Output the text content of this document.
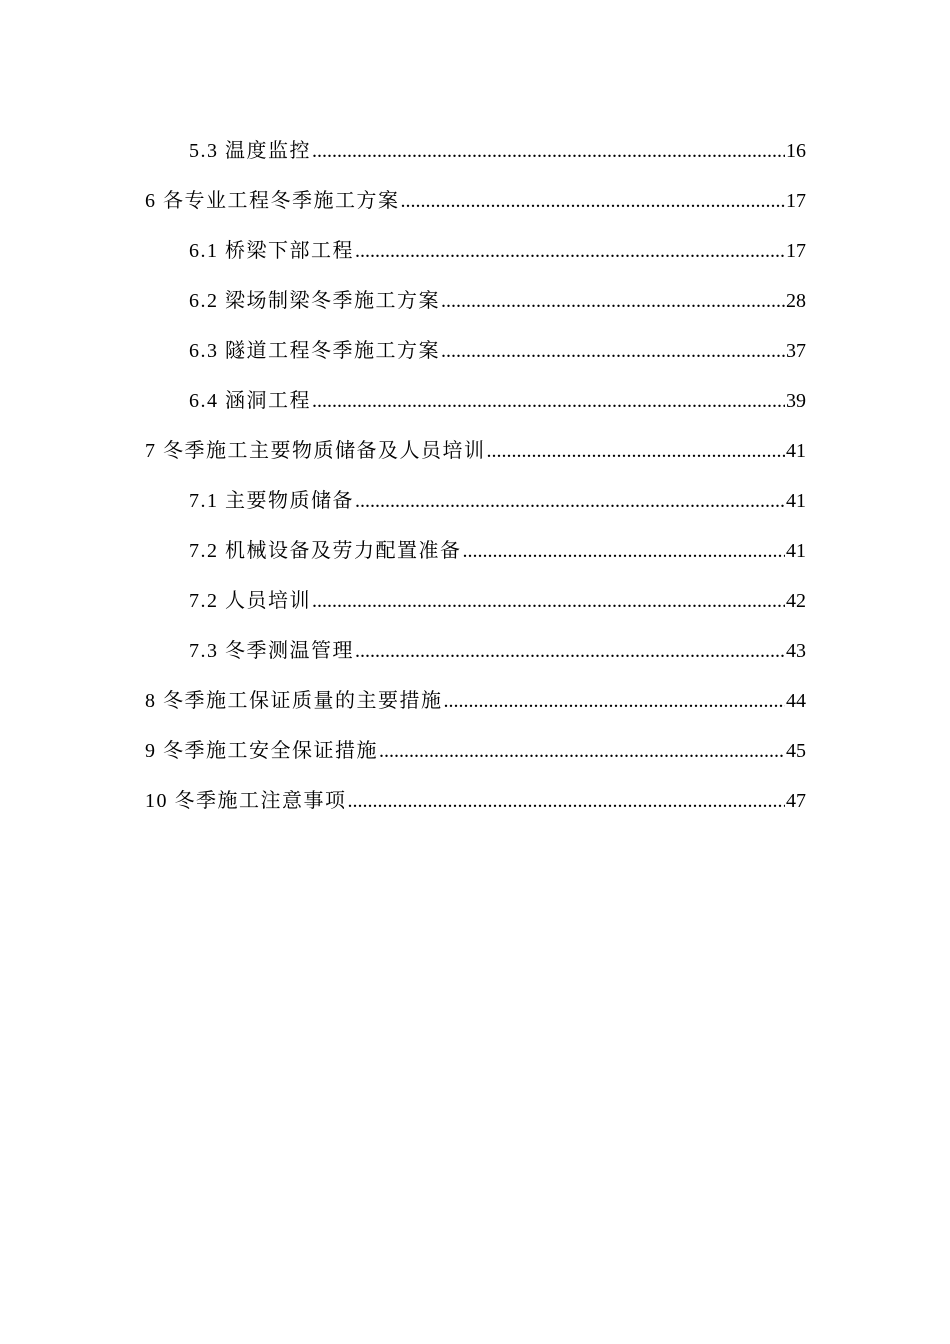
5.3 温度监控 .....	16
6 各专业工程冬季施工方案 .....	17
6.1 桥梁下部工程 .....	17
6.2 梁场制梁冬季施工方案 .....	28
6.3 隧道工程冬季施工方案 .....	37
6.4 涵洞工程 .....	39
7 冬季施工主要物质储备及人员培训 .....	41
7.1 主要物质储备 .....	41
7.2 机械设备及劳力配置准备 .....	41
7.2 人员培训 .....	42
7.3 冬季测温管理 .....	43
8 冬季施工保证质量的主要措施 .....	44
9 冬季施工安全保证措施 .....	45
10 冬季施工注意事项 .....	47
